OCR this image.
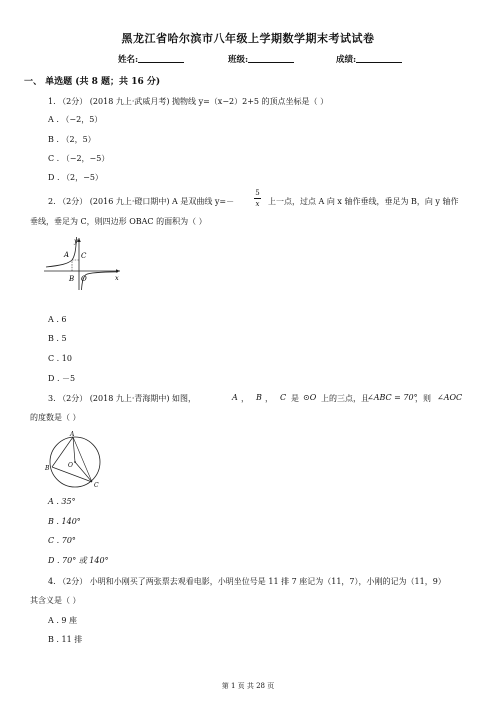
黑龙江省哈尔滨市八年级上学期数学期末考试试卷
姓名:	班级:	成绩:
一、 单选题 (共 8 题；共 16 分)
1. （2分） (2018 九上·武威月考) 抛物线 y=（x−2）2+5 的顶点坐标是（ ）
A . （−2，5）
B . （2，5）
C . （−2，−5）
D . （2，−5）
2. （2分） (2016 九上·磴口期中) A 是双曲线 y=－
5
x 上一点，过点 A 向 x 轴作垂线，垂足为 B，向 y 轴作
垂线，垂足为 C，则四边形 OBAC 的面积为（ ）
y
A C
B O	x
A . 6
B . 5
C . 10
D . －5
3. （2分） (2018 九上·青海期中) 如图，	A ， B ， C 是 ⊙O 上的三点，且
∠ABC = 70°
，则 ∠AOC
的度数是（ ）
A
B
C
O
A . 35°
B . 140°
C . 70°
D . 70° 或 140°
4. （2分） 小明和小刚买了两张票去观看电影，小明坐位号是 11 排 7 座记为（11，7），小刚的记为（11，9）
其含义是（ ）
A . 9 座
B . 11 排
第 1 页 共 28 页
